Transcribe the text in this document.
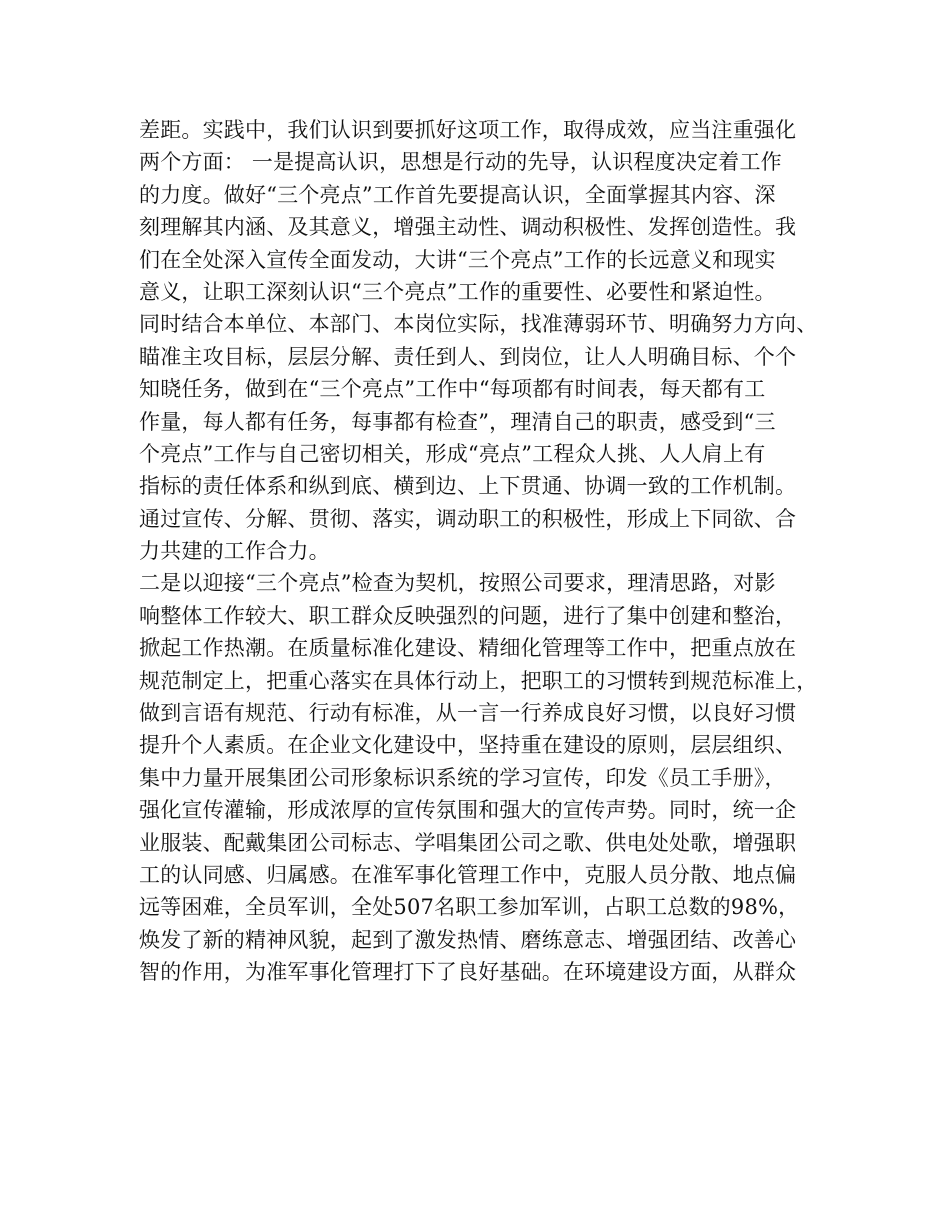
差距。实践中，我们认识到要抓好这项工作，取得成效，应当注重强化
两个方面： 一是提高认识，思想是行动的先导，认识程度决定着工作
的力度。做好“三个亮点”工作首先要提高认识，全面掌握其内容、深
刻理解其内涵、及其意义，增强主动性、调动积极性、发挥创造性。我
们在全处深入宣传全面发动，大讲“三个亮点”工作的长远意义和现实
意义，让职工深刻认识“三个亮点”工作的重要性、必要性和紧迫性。
同时结合本单位、本部门、本岗位实际，找准薄弱环节、明确努力方向、
瞄准主攻目标，层层分解、责任到人、到岗位，让人人明确目标、个个
知晓任务，做到在“三个亮点”工作中“每项都有时间表，每天都有工
作量，每人都有任务，每事都有检查”，理清自己的职责，感受到“三
个亮点”工作与自己密切相关，形成“亮点”工程众人挑、人人肩上有
指标的责任体系和纵到底、横到边、上下贯通、协调一致的工作机制。
通过宣传、分解、贯彻、落实，调动职工的积极性，形成上下同欲、合
力共建的工作合力。
二是以迎接“三个亮点”检查为契机，按照公司要求，理清思路，对影
响整体工作较大、职工群众反映强烈的问题，进行了集中创建和整治，
掀起工作热潮。在质量标准化建设、精细化管理等工作中，把重点放在
规范制定上，把重心落实在具体行动上，把职工的习惯转到规范标准上，
做到言语有规范、行动有标准，从一言一行养成良好习惯，以良好习惯
提升个人素质。在企业文化建设中，坚持重在建设的原则，层层组织、
集中力量开展集团公司形象标识系统的学习宣传，印发《员工手册》，
强化宣传灌输，形成浓厚的宣传氛围和强大的宣传声势。同时，统一企
业服装、配戴集团公司标志、学唱集团公司之歌、供电处处歌，增强职
工的认同感、归属感。在准军事化管理工作中，克服人员分散、地点偏
远等困难，全员军训，全处507名职工参加军训，占职工总数的98%，
焕发了新的精神风貌，起到了激发热情、磨练意志、增强团结、改善心
智的作用，为准军事化管理打下了良好基础。在环境建设方面，从群众
